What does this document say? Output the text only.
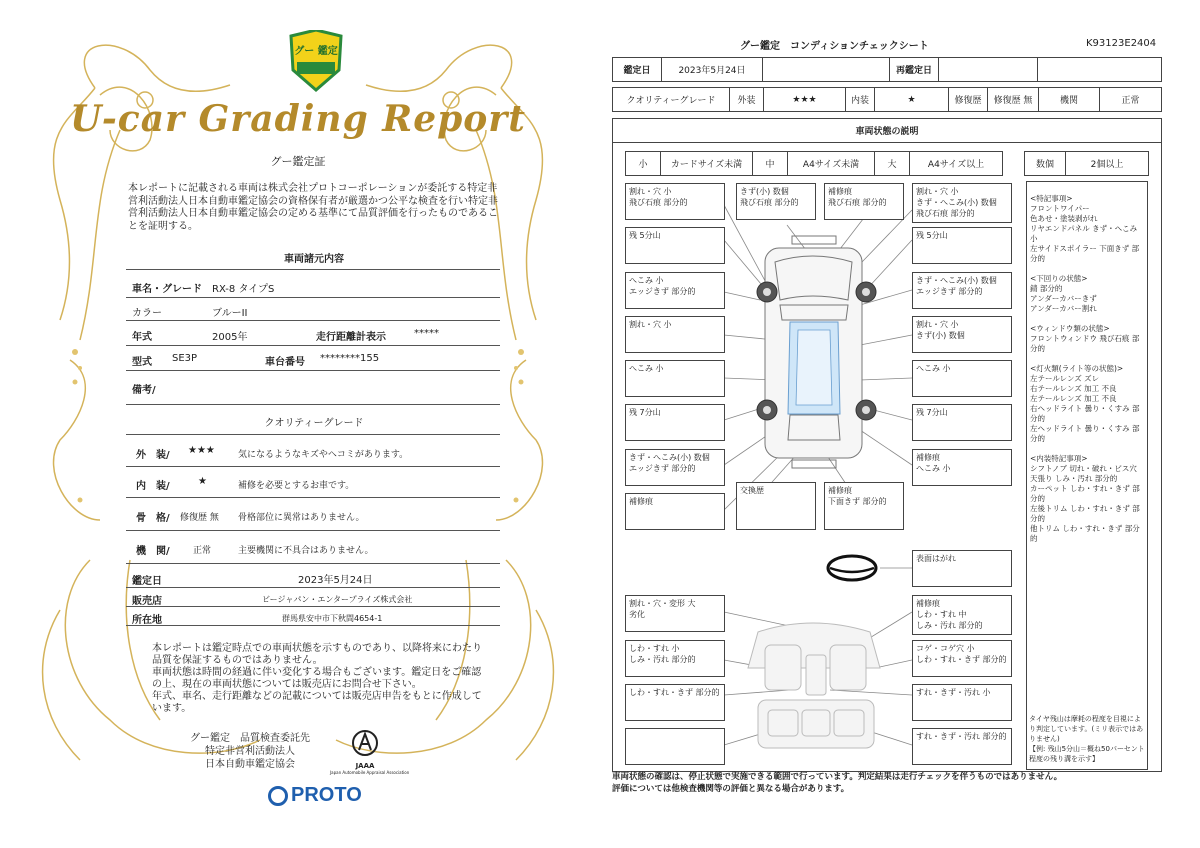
グー 鑑定
U-car Grading Report
グー鑑定証
本レポートに記載される車両は株式会社プロトコーポレーションが委託する特定非営利活動法人日本自動車鑑定協会の資格保有者が厳選かつ公平な検査を行い特定非営利活動法人日本自動車鑑定協会の定める基準にて品質評価を行ったものであることを証明する。
車両諸元内容
車名・グレード RX-8 タイプS
カラー	ブルーII
年式	2005年	走行距離計表示	*****
型式 SE3P	車台番号 ********155
備考/
クオリティーグレード
外　装/ ★★★	気になるようなキズやヘコミがあります。
内　装/	★	補修を必要とするお車です。
骨　格/ 修復歴 無 骨格部位に異常はありません。
機　関/	正常	主要機関に不具合はありません。
鑑定日	2023年5月24日
販売店	ビージャパン・エンタープライズ株式会社
所在地	群馬県安中市下秋間4654-1
本レポートは鑑定時点での車両状態を示すものであり、以降将来にわたり品質を保証するものではありません。
車両状態は時間の経過に伴い変化する場合もございます。鑑定日をご確認の上、現在の車両状態については販売店にお問合せ下さい。
年式、車名、走行距離などの記載については販売店申告をもとに作成しています。
グー鑑定　品質検査委託先
特定非営利活動法人
日本自動車鑑定協会	JAAA
Japan Automobile Appraisal Association
PROTO
グー鑑定　コンディションチェックシート	K93123E2404
鑑定日	2023年5月24日	再鑑定日
クオリティーグレード	外装	★★★	内装	★	修復歴	修復歴 無	機関	正常
車両状態の説明
小	カードサイズ未満	中	A4サイズ未満	大	A4サイズ以上	数個	2個以上
割れ・穴 小
飛び石痕 部分的
きず(小) 数個
飛び石痕 部分的
補修痕
飛び石痕 部分的
割れ・穴 小
きず・へこみ(小) 数個
飛び石痕 部分的
残 5分山	残 5分山
へこみ 小
エッジきず 部分的
きず・へこみ(小) 数個
エッジきず 部分的
割れ・穴 小	割れ・穴 小
きず(小) 数個
へこみ 小	へこみ 小
残 7分山	残 7分山
きず・へこみ(小) 数個
エッジきず 部分的
補修痕
へこみ 小
補修痕
交換歴	補修痕
下面きず 部分的
表面はがれ
割れ・穴・変形 大
劣化
補修痕
しわ・すれ 中
しみ・汚れ 部分的
しわ・すれ 小
しみ・汚れ 部分的
コゲ・コゲ穴 小
しわ・すれ・きず 部分的
しわ・すれ・きず 部分的	すれ・きず・汚れ 小
すれ・きず・汚れ 部分的

<特記事項>
フロントワイパー
色あせ・塗装剥がれ
リヤエンドパネル きず・へこみ 小
左サイドスポイラー 下面きず 部分的

<下回りの状態>
錆 部分的
アンダーカバーきず
アンダーカバー割れ

<ウィンドウ類の状態>
フロントウィンドウ 飛び石痕 部分的

<灯火類(ライト等の状態)>
左テールレンズ ズレ
右テールレンズ 加工 不良
左テールレンズ 加工 不良
右ヘッドライト 曇り・くすみ 部分的
左ヘッドライト 曇り・くすみ 部分的

<内装特記事項>
シフトノブ 切れ・破れ・ビス穴
天張り しみ・汚れ 部分的
カーペット しわ・すれ・きず 部分的
左後トリム しわ・すれ・きず 部分的
他トリム しわ・すれ・きず 部分的

タイヤ残山は摩耗の程度を目視により判定しています。(ミリ表示ではありません)
【例: 残山5分山＝概ね50パーセント程度の残り溝を示す】
車両状態の確認は、停止状態で実施できる範囲で行っています。判定結果は走行チェックを伴うものではありません。
評価については他検査機関等の評価と異なる場合があります。
